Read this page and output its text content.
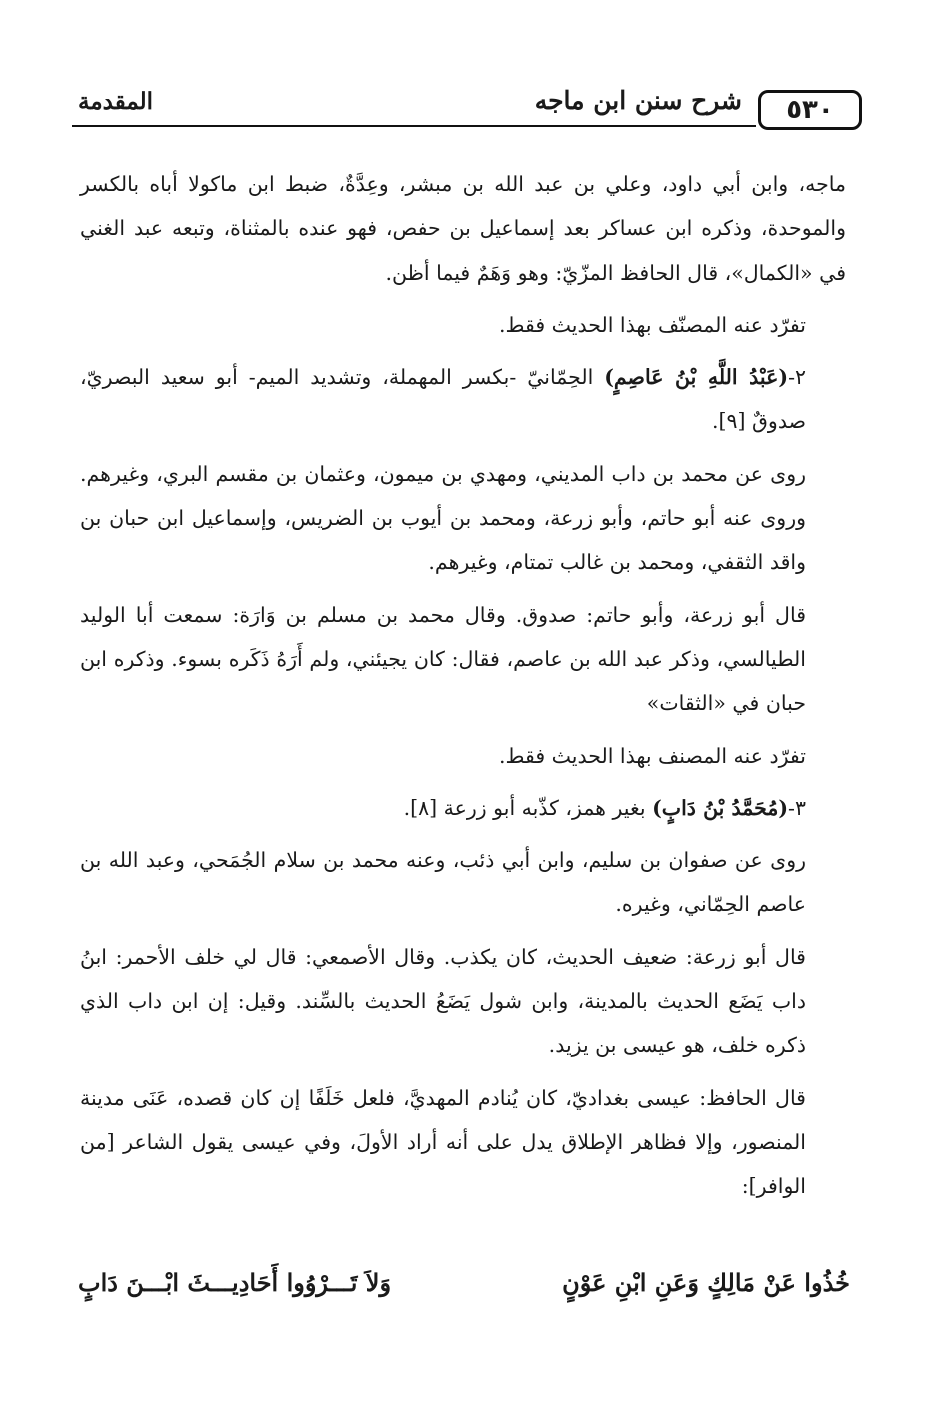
٥٣٠
شرح سنن ابن ماجه
المقدمة

ماجه، وابن أبي داود، وعلي بن عبد الله بن مبشر، وعِدَّةٌ، ضبط ابن ماكولا أباه بالكسر والموحدة، وذكره ابن عساكر بعد إسماعيل بن حفص، فهو عنده بالمثناة، وتبعه عبد الغني في «الكمال»، قال الحافظ المزّيّ: وهو وَهَمٌ فيما أظن.

تفرّد عنه المصنّف بهذا الحديث فقط.

٢-(عَبْدُ اللَّهِ بْنُ عَاصِمٍ) الحِمّانيّ -بكسر المهملة، وتشديد الميم- أبو سعيد البصريّ، صدوقٌ [٩].

روى عن محمد بن داب المديني، ومهدي بن ميمون، وعثمان بن مقسم البري، وغيرهم. وروى عنه أبو حاتم، وأبو زرعة، ومحمد بن أيوب بن الضريس، وإسماعيل ابن حبان بن واقد الثقفي، ومحمد بن غالب تمتام، وغيرهم.

قال أبو زرعة، وأبو حاتم: صدوق. وقال محمد بن مسلم بن وَارَة: سمعت أبا الوليد الطيالسي، وذكر عبد الله بن عاصم، فقال: كان يجيئني، ولم أَرَهُ ذَكَره بسوء. وذكره ابن حبان في «الثقات»

تفرّد عنه المصنف بهذا الحديث فقط.

٣-(مُحَمَّدُ بْنُ دَابٍ) بغير همز، كذّبه أبو زرعة [٨].

روى عن صفوان بن سليم، وابن أبي ذئب، وعنه محمد بن سلام الجُمَحي، وعبد الله بن عاصم الحِمّاني، وغيره.

قال أبو زرعة: ضعيف الحديث، كان يكذب. وقال الأصمعي: قال لي خلف الأحمر: ابنُ داب يَضَع الحديث بالمدينة، وابن شول يَضَعُ الحديث بالسِّند. وقيل: إن ابن داب الذي ذكره خلف، هو عيسى بن يزيد.

قال الحافظ: عيسى بغداديّ، كان يُنادم المهديَّ، فلعل خَلَفًا إن كان قصده، عَنَى مدينة المنصور، وإلا فظاهر الإطلاق يدل على أنه أراد الأولَ، وفي عيسى يقول الشاعر [من الوافر]:

خُذُوا عَنْ مَالِكٍ وَعَنِ ابْنِ عَوْنٍ
وَلاَ تَـــرْوُوا أَحَادِيـــثَ ابْـــنَ دَابٍ
